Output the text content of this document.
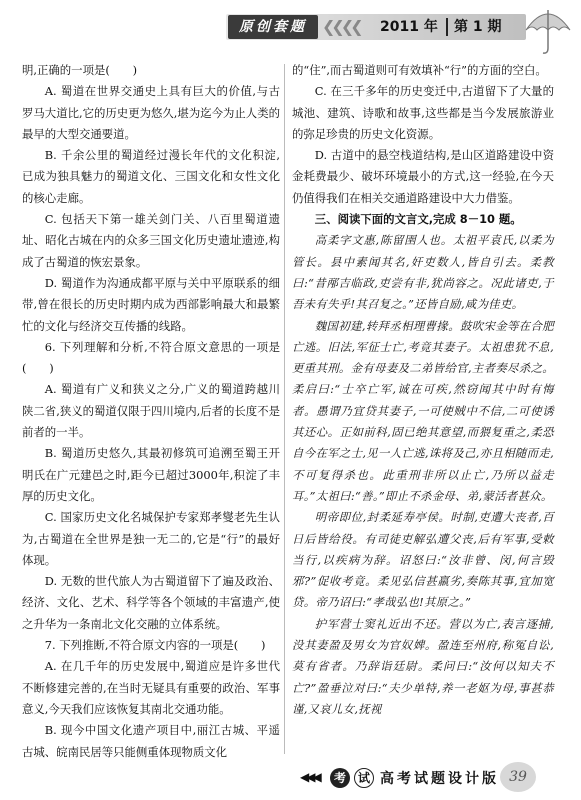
原创套题 ❮❮❮❮ 2011 年 第 1 期

明,正确的一项是(　　)

A. 蜀道在世界交通史上具有巨大的价值,与古罗马大道比,它的历史更为悠久,堪为迄今为止人类的最早的大型交通要道。

B. 千余公里的蜀道经过漫长年代的文化积淀,已成为独具魅力的蜀道文化、三国文化和女性文化的核心走廊。

C. 包括天下第一雄关剑门关、八百里蜀道遗址、昭化古城在内的众多三国文化历史遗址遗迹,构成了古蜀道的恢宏景象。

D. 蜀道作为沟通成都平原与关中平原联系的细带,曾在很长的历史时期内成为西部影响最大和最繁忙的文化与经济交互传播的线路。

6. 下列理解和分析,不符合原文意思的一项是(　　)

A. 蜀道有广义和狭义之分,广义的蜀道跨越川陕二省,狭义的蜀道仅限于四川境内,后者的长度不是前者的一半。

B. 蜀道历史悠久,其最初修筑可追溯至蜀王开明氏在广元建邑之时,距今已超过3000年,积淀了丰厚的历史文化。

C. 国家历史文化名城保护专家郑孝燮老先生认为,古蜀道在全世界是独一无二的,它是“行”的最好体现。

D. 无数的世代旅人为古蜀道留下了遍及政治、经济、文化、艺术、科学等各个领域的丰富遗产,使之升华为一条南北文化交融的立体系统。

7. 下列推断,不符合原文内容的一项是(　　)

A. 在几千年的历史发展中,蜀道应是许多世代不断修建完善的,在当时无疑具有重要的政治、军事意义,今天我们应该恢复其南北交通功能。

B. 现今中国文化遗产项目中,丽江古城、平遥古城、皖南民居等只能侧重体现物质文化

的“住”,而古蜀道则可有效填补“行”的方面的空白。

C. 在三千多年的历史变迁中,古道留下了大量的城池、建筑、诗歌和故事,这些都是当今发展旅游业的弥足珍贵的历史文化资源。

D. 古道中的悬空栈道结构,是山区道路建设中资金耗费最少、破坏环境最小的方式,这一经验,在今天仍值得我们在相关交通道路建设中大力借鉴。

三、阅读下面的文言文,完成 8－10 题。

高柔字文惠,陈留圉人也。太祖平袁氏,以柔为管长。县中素闻其名,奸吏数人,皆自引去。柔教曰:“昔邴吉临政,吏尝有非,犹尚容之。况此诸吏,于吾未有失乎!其召复之。”还皆自励,咸为佳吏。

魏国初建,转拜丞相理曹掾。鼓吹宋金等在合肥亡逃。旧法,军征士亡,考竟其妻子。太祖患犹不息,更重其刑。金有母妻及二弟皆给官,主者奏尽杀之。柔启曰:“士卒亡军,诚在可疾,然窃闻其中时有悔者。愚谓乃宜贷其妻子,一可使贼中不信,二可使诱其还心。正如前科,固已绝其意望,而猥复重之,柔恐自今在军之士,见一人亡逃,诛将及己,亦且相随而走,不可复得杀也。此重刑非所以止亡,乃所以益走耳。”太祖曰:“善。”即止不杀金母、弟,蒙活者甚众。

明帝即位,封柔延寿亭侯。时制,吏遭大丧者,百日后皆给役。有司徒吏解弘遭父丧,后有军事,受敕当行,以疾病为辞。诏怒曰:“汝非曾、闵,何言毁邪?”促收考竟。柔见弘信甚羸劣,奏陈其事,宜加宽贷。帝乃诏曰:“孝哉弘也!其原之。”

护军营士窦礼近出不还。营以为亡,表言逐捕,没其妻盈及男女为官奴婢。盈连至州府,称冤自讼,莫有省者。乃辞诣廷尉。柔问曰:“汝何以知夫不亡?”盈垂泣对曰:“夫少单特,养一老妪为母,事甚恭谨,又哀儿女,抚视

◀◀◀	考 试 高考试题设计版 39
